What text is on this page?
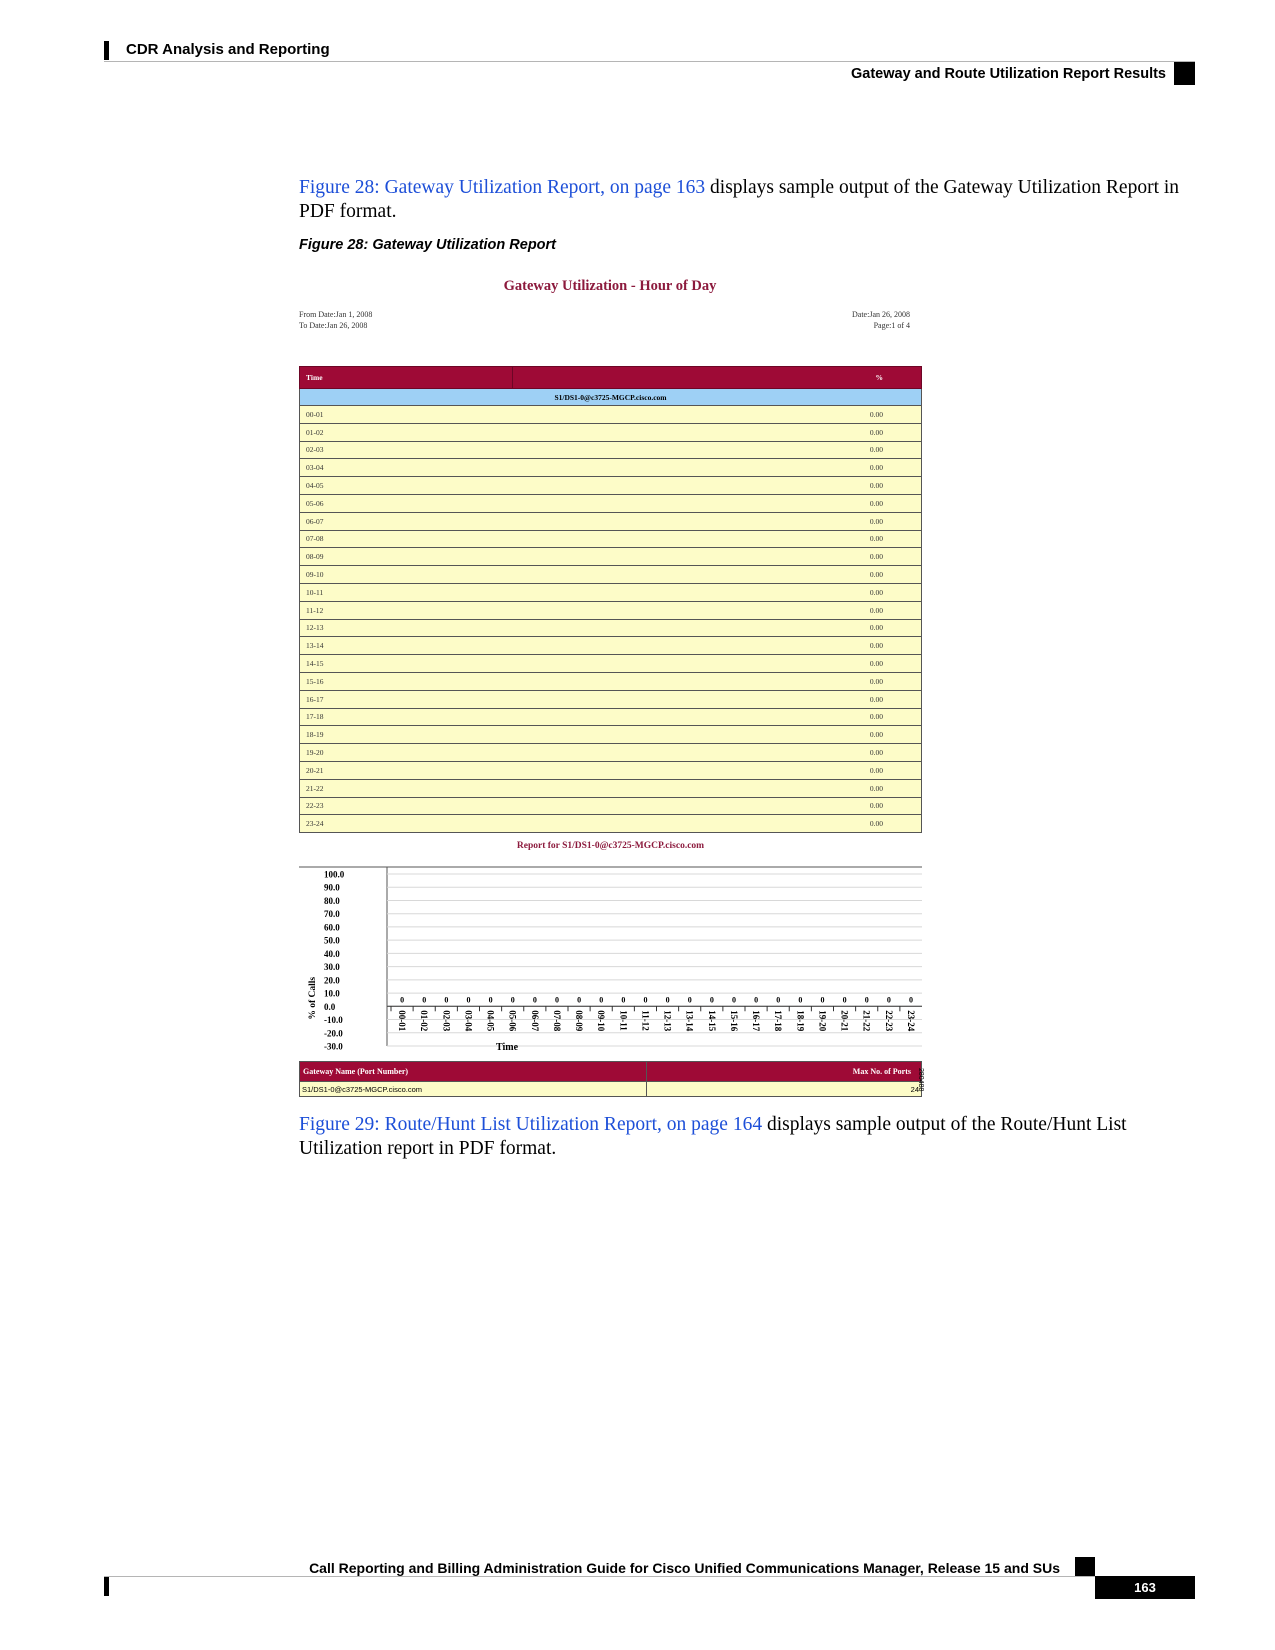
CDR Analysis and Reporting
Gateway and Route Utilization Report Results
Figure 28: Gateway Utilization Report, on page 163 displays sample output of the Gateway Utilization Report in PDF format.
Figure 28: Gateway Utilization Report
Gateway Utilization - Hour of Day
From Date:Jan 1, 2008
To Date:Jan 26, 2008
Date:Jan 26, 2008
Page:1 of 4
Time	%
S1/DS1-0@c3725-MGCP.cisco.com	
00-01	0.00
01-02	0.00
02-03	0.00
03-04	0.00
04-05	0.00
05-06	0.00
06-07	0.00
07-08	0.00
08-09	0.00
09-10	0.00
10-11	0.00
11-12	0.00
12-13	0.00
13-14	0.00
14-15	0.00
15-16	0.00
16-17	0.00
17-18	0.00
18-19	0.00
19-20	0.00
20-21	0.00
21-22	0.00
22-23	0.00
23-24	0.00
Report for S1/DS1-0@c3725-MGCP.cisco.com
100.0
90.0
80.0
70.0
60.0
50.0
40.0
30.0
20.0
10.0
0.0
-10.0
-20.0
-30.0
% of Calls	0
00-01
0
01-02
0
02-03
0
03-04
0
04-05
0
05-06
0
06-07
0
07-08
0
08-09
0
09-10
0
10-11
0
11-12
0
12-13
0
13-14
0
14-15
0
15-16
0
16-17
0
17-18
0
18-19
0
19-20
0
20-21
0
21-22
0
22-23
0
23-24
Time
Gateway Name (Port Number)	Max No. of Ports
S1/DS1-0@c3725-MGCP.cisco.com	24
280488
Figure 29: Route/Hunt List Utilization Report, on page 164 displays sample output of the Route/Hunt List Utilization report in PDF format.
Call Reporting and Billing Administration Guide for Cisco Unified Communications Manager, Release 15 and SUs
163
